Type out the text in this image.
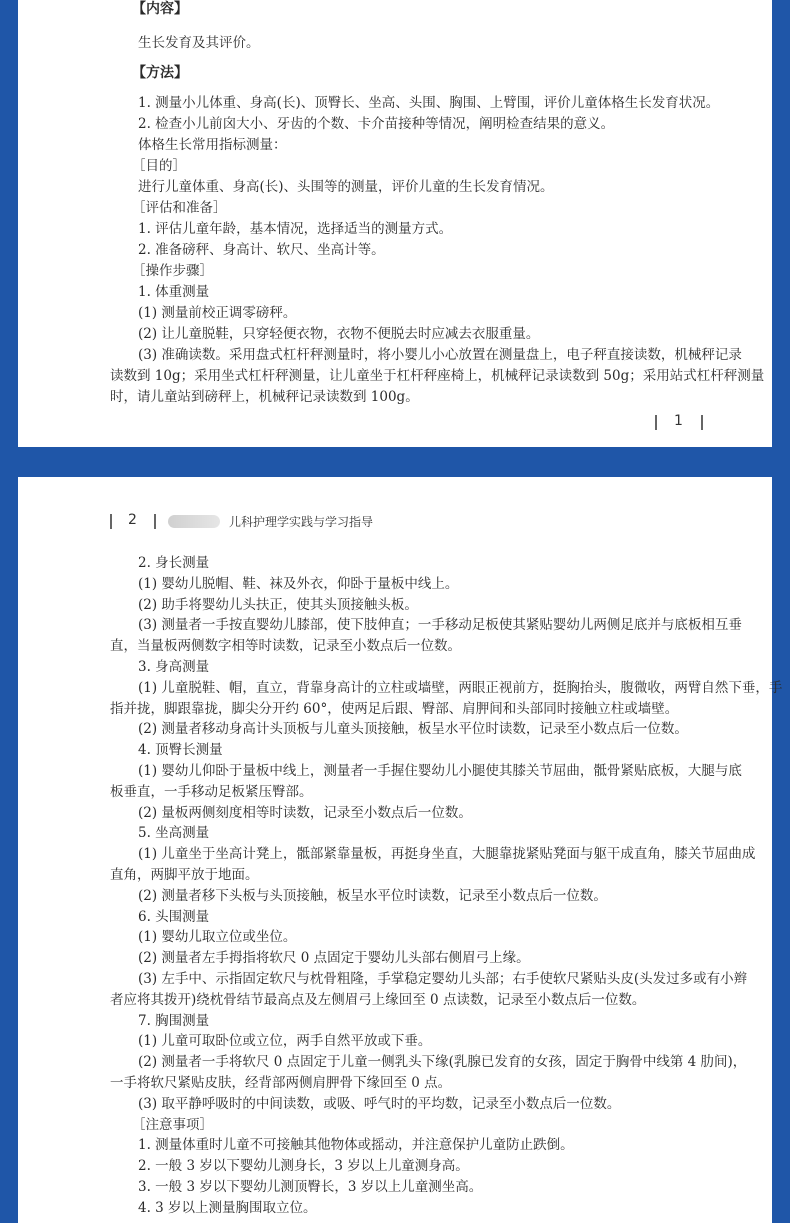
【内容】
生长发育及其评价。
【方法】
1. 测量小儿体重、身高(长)、顶臀长、坐高、头围、胸围、上臂围，评价儿童体格生长发育状况。
2. 检查小儿前囟大小、牙齿的个数、卡介苗接种等情况，阐明检查结果的意义。
体格生长常用指标测量：
［目的］
进行儿童体重、身高(长)、头围等的测量，评价儿童的生长发育情况。
［评估和准备］
1. 评估儿童年龄，基本情况，选择适当的测量方式。
2. 准备磅秤、身高计、软尺、坐高计等。
［操作步骤］
1. 体重测量
(1) 测量前校正调零磅秤。
(2) 让儿童脱鞋，只穿轻便衣物，衣物不便脱去时应减去衣服重量。
(3) 准确读数。采用盘式杠杆秤测量时，将小婴儿小心放置在测量盘上，电子秤直接读数，机械秤记录
读数到 10g；采用坐式杠杆秤测量，让儿童坐于杠杆秤座椅上，机械秤记录读数到 50g；采用站式杠杆秤测量
时，请儿童站到磅秤上，机械秤记录读数到 100g。
1
2	儿科护理学实践与学习指导
2. 身长测量
(1) 婴幼儿脱帽、鞋、袜及外衣，仰卧于量板中线上。
(2) 助手将婴幼儿头扶正，使其头顶接触头板。
(3) 测量者一手按直婴幼儿膝部，使下肢伸直；一手移动足板使其紧贴婴幼儿两侧足底并与底板相互垂
直，当量板两侧数字相等时读数，记录至小数点后一位数。
3. 身高测量
(1) 儿童脱鞋、帽，直立，背靠身高计的立柱或墙壁，两眼正视前方，挺胸抬头，腹微收，两臂自然下垂，手
指并拢，脚跟靠拢，脚尖分开约 60°，使两足后跟、臀部、肩胛间和头部同时接触立柱或墙壁。
(2) 测量者移动身高计头顶板与儿童头顶接触，板呈水平位时读数，记录至小数点后一位数。
4. 顶臀长测量
(1) 婴幼儿仰卧于量板中线上，测量者一手握住婴幼儿小腿使其膝关节屈曲，骶骨紧贴底板，大腿与底
板垂直，一手移动足板紧压臀部。
(2) 量板两侧刻度相等时读数，记录至小数点后一位数。
5. 坐高测量
(1) 儿童坐于坐高计凳上，骶部紧靠量板，再挺身坐直，大腿靠拢紧贴凳面与躯干成直角，膝关节屈曲成
直角，两脚平放于地面。
(2) 测量者移下头板与头顶接触，板呈水平位时读数，记录至小数点后一位数。
6. 头围测量
(1) 婴幼儿取立位或坐位。
(2) 测量者左手拇指将软尺 0 点固定于婴幼儿头部右侧眉弓上缘。
(3) 左手中、示指固定软尺与枕骨粗隆，手掌稳定婴幼儿头部；右手使软尺紧贴头皮(头发过多或有小辫
者应将其拨开)绕枕骨结节最高点及左侧眉弓上缘回至 0 点读数，记录至小数点后一位数。
7. 胸围测量
(1) 儿童可取卧位或立位，两手自然平放或下垂。
(2) 测量者一手将软尺 0 点固定于儿童一侧乳头下缘(乳腺已发育的女孩，固定于胸骨中线第 4 肋间)，
一手将软尺紧贴皮肤，经背部两侧肩胛骨下缘回至 0 点。
(3) 取平静呼吸时的中间读数，或吸、呼气时的平均数，记录至小数点后一位数。
［注意事项］
1. 测量体重时儿童不可接触其他物体或摇动，并注意保护儿童防止跌倒。
2. 一般 3 岁以下婴幼儿测身长，3 岁以上儿童测身高。
3. 一般 3 岁以下婴幼儿测顶臀长，3 岁以上儿童测坐高。
4. 3 岁以上测量胸围取立位。
